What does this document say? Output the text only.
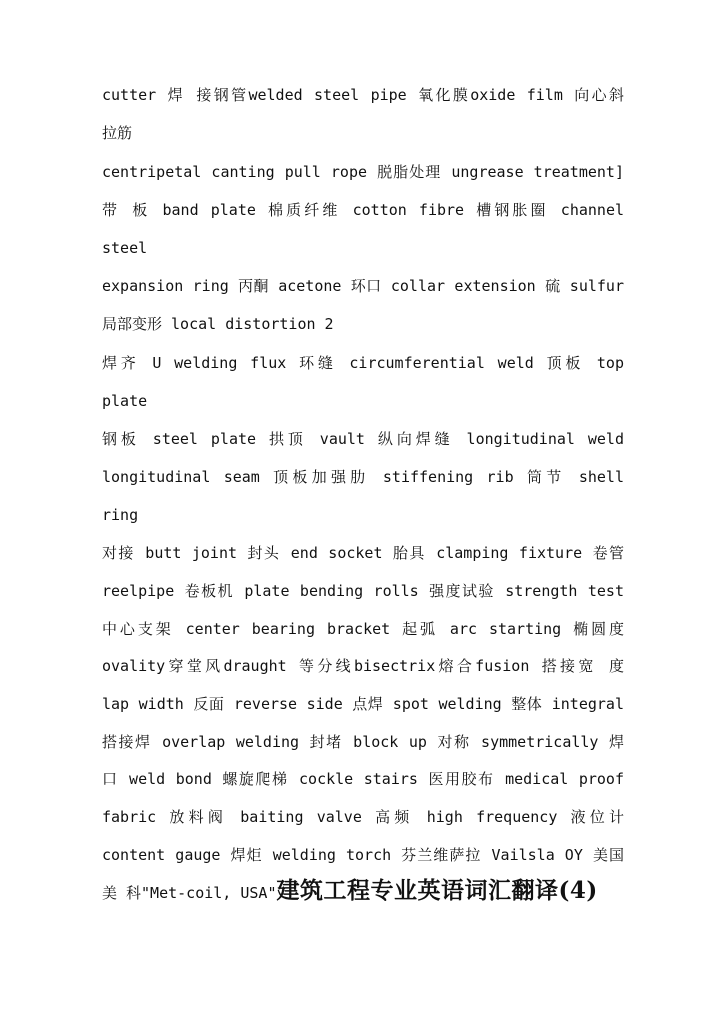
cutter 焊 接钢管welded steel pipe 氧化膜oxide film 向心斜
拉筋
centripetal canting pull rope 脱脂处理 ungrease treatment]
带 板 band plate 棉质纤维 cotton fibre 槽钢胀圈 channel
steel
expansion ring 丙酮 acetone 环口 collar extension 硫 sulfur
局部变形 local distortion 2
焊齐 U welding flux 环缝 circumferential weld 顶板 top
plate
钢板 steel plate 拱顶 vault 纵向焊缝 longitudinal weld
longitudinal seam 顶板加强肋 stiffening rib 筒节 shell
ring
对接 butt joint 封头 end socket 胎具 clamping fixture 卷管
reelpipe 卷板机 plate bending rolls 强度试验 strength test
中心支架 center bearing bracket 起弧 arc starting 椭圆度
ovality穿堂风draught 等分线bisectrix熔合fusion 搭接宽 度
lap width 反面 reverse side 点焊 spot welding 整体 integral
搭接焊 overlap welding 封堵 block up 对称 symmetrically 焊
口 weld bond 螺旋爬梯 cockle stairs 医用胶布 medical proof
fabric 放料阀 baiting valve 高频 high frequency 液位计
content gauge 焊炬 welding torch 芬兰维萨拉 Vailsla OY 美国
美 科"Met-coil, USA"建筑工程专业英语词汇翻译(4)
